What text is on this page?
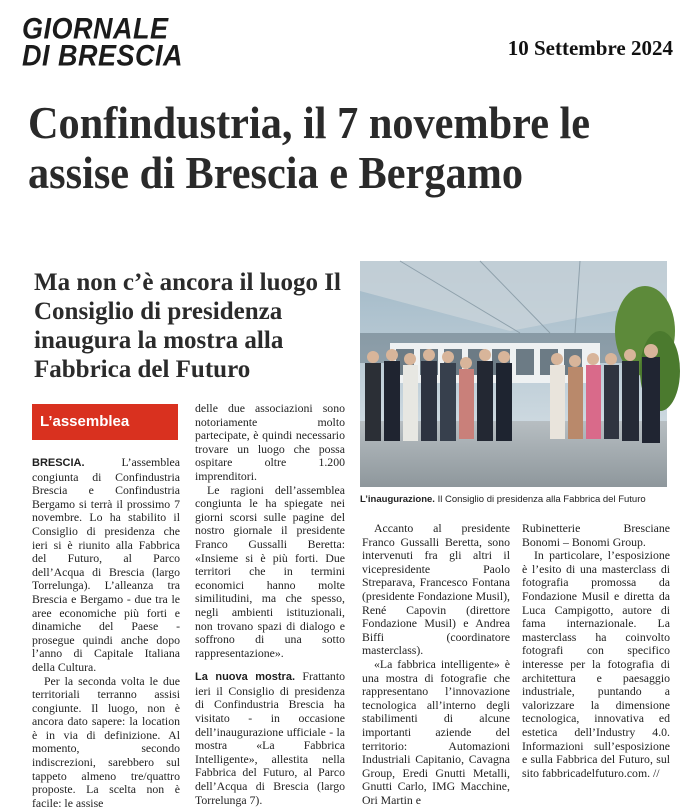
GIORNALE
DI BRESCIA	10 Settembre 2024
Confindustria, il 7 novembre le assise di Brescia e Bergamo
Ma non c’è ancora il luogo Il Consiglio di presidenza inaugura la mostra alla Fabbrica del Futuro
L’inaugurazione. Il Consiglio di presidenza alla Fabbrica del Futuro
L’assemblea

BRESCIA. L’assemblea congiunta di Confindustria Brescia e Confindustria Bergamo si terrà il prossimo 7 novembre. Lo ha stabilito il Consiglio di presidenza che ieri si è riunito alla Fabbrica del Futuro, al Parco dell’Acqua di Brescia (largo Torrelunga). L’alleanza tra Brescia e Bergamo - due tra le aree economiche più forti e dinamiche del Paese - prosegue quindi anche dopo l’anno di Capitale Italiana della Cultura.

Per la seconda volta le due territoriali terranno assisi congiunte. Il luogo, non è ancora dato sapere: la location è in via di definizione. Al momento, secondo indiscrezioni, sarebbero sul tappeto almeno tre/quattro proposte. La scelta non è facile: le assise

delle due associazioni sono notoriamente molto partecipate, è quindi necessario trovare un luogo che possa ospitare oltre 1.200 imprenditori.

Le ragioni dell’assemblea congiunta le ha spiegate nei giorni scorsi sulle pagine del nostro giornale il presidente Franco Gussalli Beretta: «Insieme si è più forti. Due territori che in termini economici hanno molte similitudini, ma che spesso, negli ambienti istituzionali, non trovano spazi di dialogo e soffrono di una sotto rappresentazione».

La nuova mostra. Frattanto ieri il Consiglio di presidenza di Confindustria Brescia ha visitato - in occasione dell’inaugurazione ufficiale - la mostra «La Fabbrica Intelligente», allestita nella Fabbrica del Futuro, al Parco dell’Acqua di Brescia (largo Torrelunga 7).

Accanto al presidente Franco Gussalli Beretta, sono intervenuti fra gli altri il vicepresidente Paolo Streparava, Francesco Fontana (presidente Fondazione Musil), René Capovin (direttore Fondazione Musil) e Andrea Biffi (coordinatore masterclass).

«La fabbrica intelligente» è una mostra di fotografie che rappresentano l’innovazione tecnologica all’interno degli stabilimenti di alcune importanti aziende del territorio: Automazioni Industriali Capitanio, Cavagna Group, Eredi Gnutti Metalli, Gnutti Carlo, IMG Macchine, Ori Martin e

Rubinetterie Bresciane Bonomi – Bonomi Group.

In particolare, l’esposizione è l’esito di una masterclass di fotografia promossa da Fondazione Musil e diretta da Luca Campigotto, autore di fama internazionale. La masterclass ha coinvolto fotografi con specifico interesse per la fotografia di architettura e paesaggio industriale, puntando a valorizzare la dimensione tecnologica, innovativa ed estetica dell’Industry 4.0. Informazioni sull’esposizione e sulla Fabbrica del Futuro, sul sito fabbricadelfuturo.com. //
